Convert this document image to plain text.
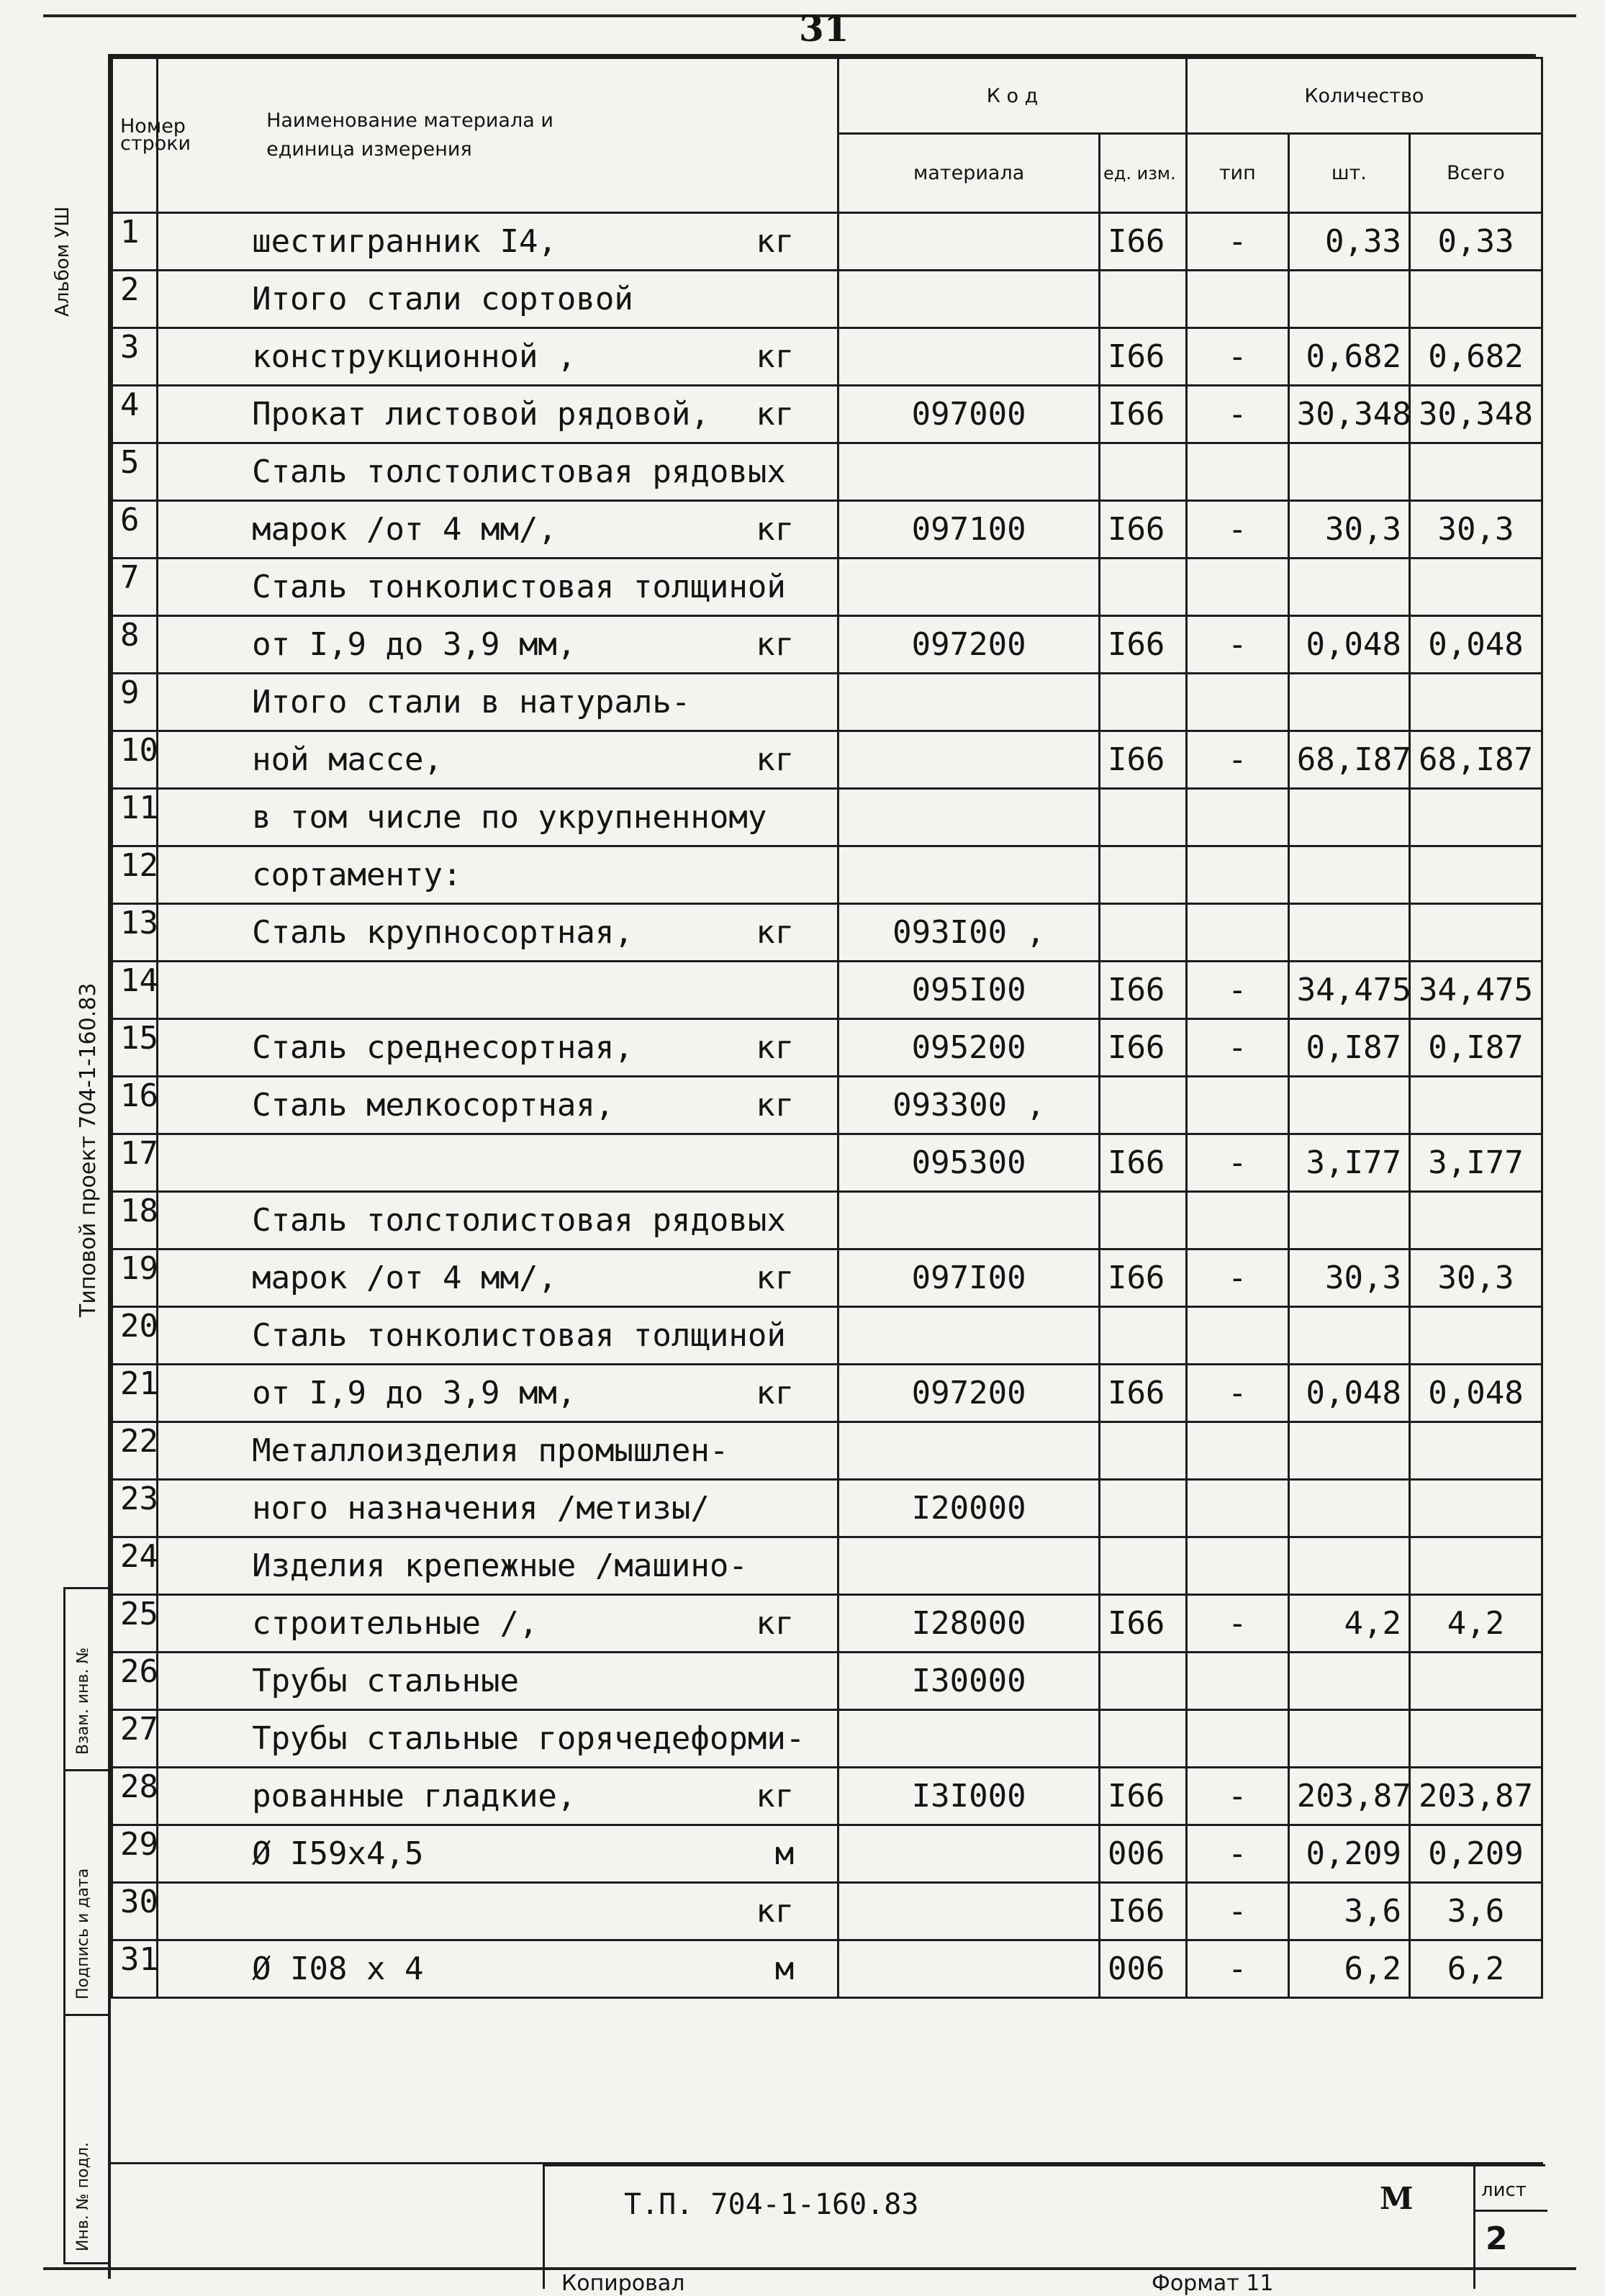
31
Альбом УШ
Типовой проект 704-1-160.83
Взам. инв. №
Подпись и дата
Инв. № подл.
Номер строки	Наименование материала и единица измерения	К о д		Количество		
		материала	ед. изм.	тип	шт.	Всего
1	шестигранник I4, кг		I66	-	0,33	0,33
2	Итого стали сортовой					

3	конструкционной , кг		I66	-	0,682	0,682
4	Прокат листовой рядовой, кг	097000	I66	-	30,348	30,348
5	Сталь толстолистовая рядовых					

6	марок /от 4 мм/, кг	097100	I66	-	30,3	30,3
7	Сталь тонколистовая толщиной					

8	от I,9 до 3,9 мм, кг	097200	I66	-	0,048	0,048
9	Итого стали в натураль-					

10	ной массе, кг		I66	-	68,I87	68,I87
11	в том числе по укрупненному					

12	сортаменту:					

13	Сталь крупносортная, кг	093I00 ,				
14		095I00	I66	-	34,475	34,475
15	Сталь среднесортная, кг	095200	I66	-	0,I87	0,I87
16	Сталь мелкосортная, кг	093300 ,				
17		095300	I66	-	3,I77	3,I77
18	Сталь толстолистовая рядовых					

19	марок /от 4 мм/, кг	097I00	I66	-	30,3	30,3
20	Сталь тонколистовая толщиной					

21	от I,9 до 3,9 мм, кг	097200	I66	-	0,048	0,048
22	Металлоизделия промышлен-					

23	ного назначения /метизы/	I20000				
24	Изделия крепежные /машино-					

25	строительные /, кг	I28000	I66	-	4,2	4,2
26	Трубы стальные	I30000				
27	Трубы стальные горячедеформи-					

28	рованные гладкие, кг	I3I000	I66	-	203,87	203,87
29	Ø I59х4,5 м		006	-	0,209	0,209
30	кг		I66	-	3,6	3,6
31	Ø I08 х 4 м		006	-	6,2	6,2
Т.П. 704-1-160.83	М	лист
2
Копировал	Формат 11
